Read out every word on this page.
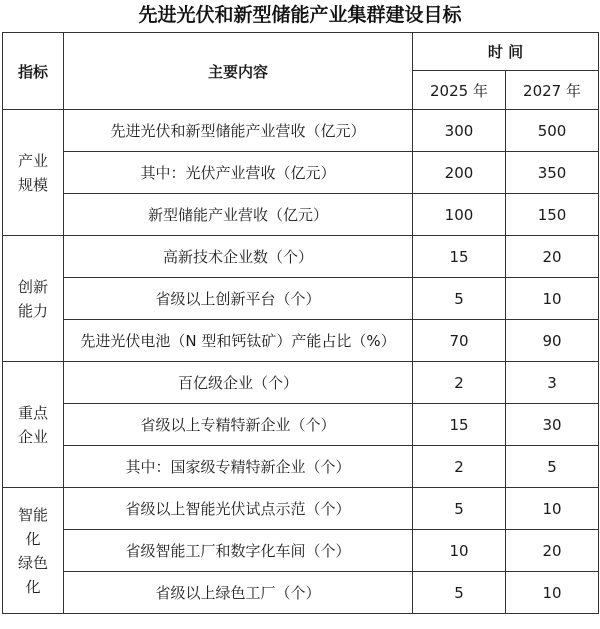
先进光伏和新型储能产业集群建设目标
指标	主要内容	时 间	
		2025 年	2027 年

产业
规模	先进光伏和新型储能产业营收（亿元）	300	500
	其中：光伏产业营收（亿元）	200	350
	新型储能产业营收（亿元）	100	150

创新
能力	高新技术企业数（个）	15	20
	省级以上创新平台（个）	5	10
	先进光伏电池（N 型和钙钛矿）产能占比（%）	70	90

重点
企业	百亿级企业（个）	2	3
	省级以上专精特新企业（个）	15	30
	其中：国家级专精特新企业（个）	2	5

智能
化
绿色
化	省级以上智能光伏试点示范（个）	5	10
	省级智能工厂和数字化车间（个）	10	20
	省级以上绿色工厂（个）	5	10
